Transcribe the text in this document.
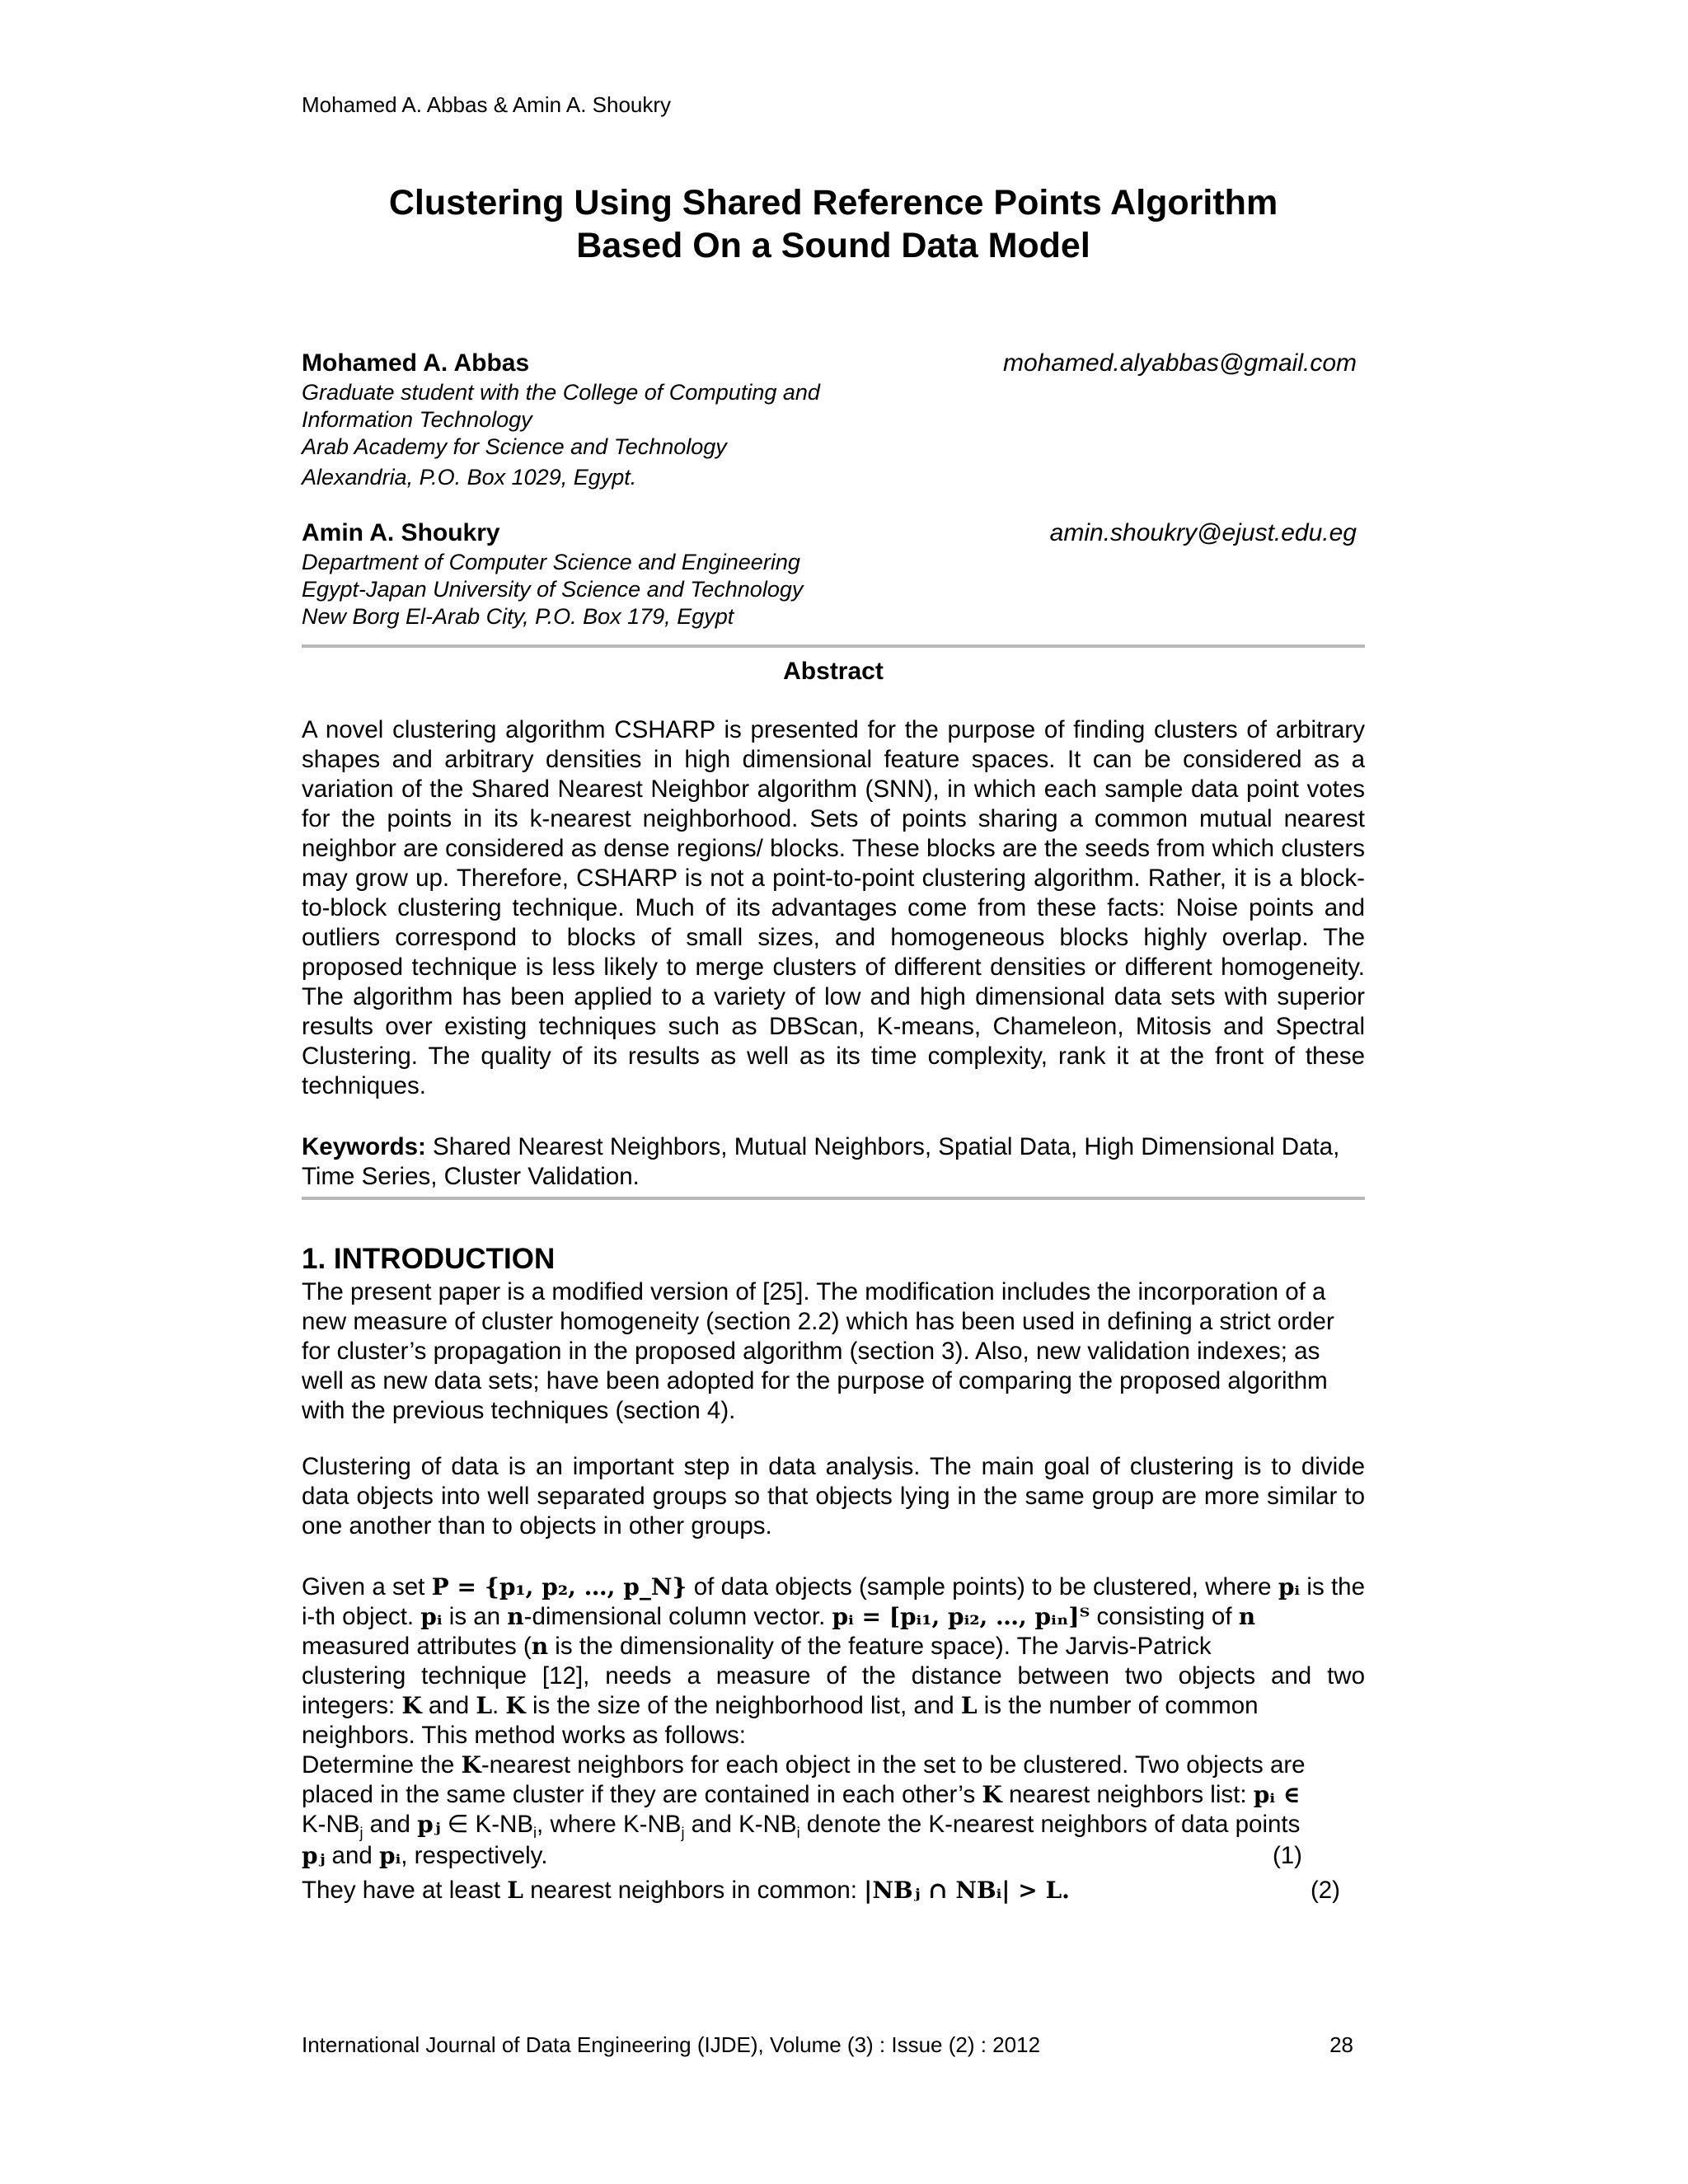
Mohamed A. Abbas & Amin A. Shoukry
Clustering Using Shared Reference Points Algorithm
Based On a Sound Data Model
Mohamed A. Abbas	mohamed.alyabbas@gmail.com
Graduate student with the College of Computing and
Information Technology
Arab Academy for Science and Technology
Alexandria, P.O. Box 1029, Egypt.
Amin A. Shoukry	amin.shoukry@ejust.edu.eg
Department of Computer Science and Engineering
Egypt-Japan University of Science and Technology
New Borg El-Arab City, P.O. Box 179, Egypt
Abstract
A novel clustering algorithm CSHARP is presented for the purpose of finding clusters of arbitrary shapes and arbitrary densities in high dimensional feature spaces. It can be considered as a variation of the Shared Nearest Neighbor algorithm (SNN), in which each sample data point votes for the points in its k-nearest neighborhood. Sets of points sharing a common mutual nearest neighbor are considered as dense regions/ blocks. These blocks are the seeds from which clusters may grow up. Therefore, CSHARP is not a point-to-point clustering algorithm. Rather, it is a block-to-block clustering technique. Much of its advantages come from these facts: Noise points and outliers correspond to blocks of small sizes, and homogeneous blocks highly overlap. The proposed technique is less likely to merge clusters of different densities or different homogeneity. The algorithm has been applied to a variety of low and high dimensional data sets with superior results over existing techniques such as DBScan, K-means, Chameleon, Mitosis and Spectral Clustering. The quality of its results as well as its time complexity, rank it at the front of these techniques.
Keywords: Shared Nearest Neighbors, Mutual Neighbors, Spatial Data, High Dimensional Data, Time Series, Cluster Validation.
1. INTRODUCTION
The present paper is a modified version of [25]. The modification includes the incorporation of a new measure of cluster homogeneity (section 2.2) which has been used in defining a strict order for cluster’s propagation in the proposed algorithm (section 3). Also, new validation indexes; as well as new data sets; have been adopted for the purpose of comparing the proposed algorithm with the previous techniques (section 4).
Clustering of data is an important step in data analysis. The main goal of clustering is to divide data objects into well separated groups so that objects lying in the same group are more similar to one another than to objects in other groups.
Given a set P = {p₁, p₂, …, p_N} of data objects (sample points) to be clustered, where pᵢ is the
i-th object. pᵢ is an n-dimensional column vector. pᵢ = [pᵢ₁, pᵢ₂, …, pᵢₙ]ᵀ consisting of n
measured attributes (n is the dimensionality of the feature space). The Jarvis-Patrick
clustering technique [12], needs a measure of the distance between two objects and two
integers: K and L. K is the size of the neighborhood list, and L is the number of common
neighbors. This method works as follows:
Determine the K-nearest neighbors for each object in the set to be clustered. Two objects are
placed in the same cluster if they are contained in each other’s K nearest neighbors list: pᵢ ∈
$K-NB_j$ and pⱼ ∈ $K-NB_i$, where $K-NB_j$ and $K-NB_i$ denote the K-nearest neighbors of data points
pⱼ and pᵢ, respectively.	(1)
They have at least L nearest neighbors in common: |NBⱼ ∩ NBᵢ| > L.	(2)
International Journal of Data Engineering (IJDE), Volume (3) : Issue (2) : 2012	28
